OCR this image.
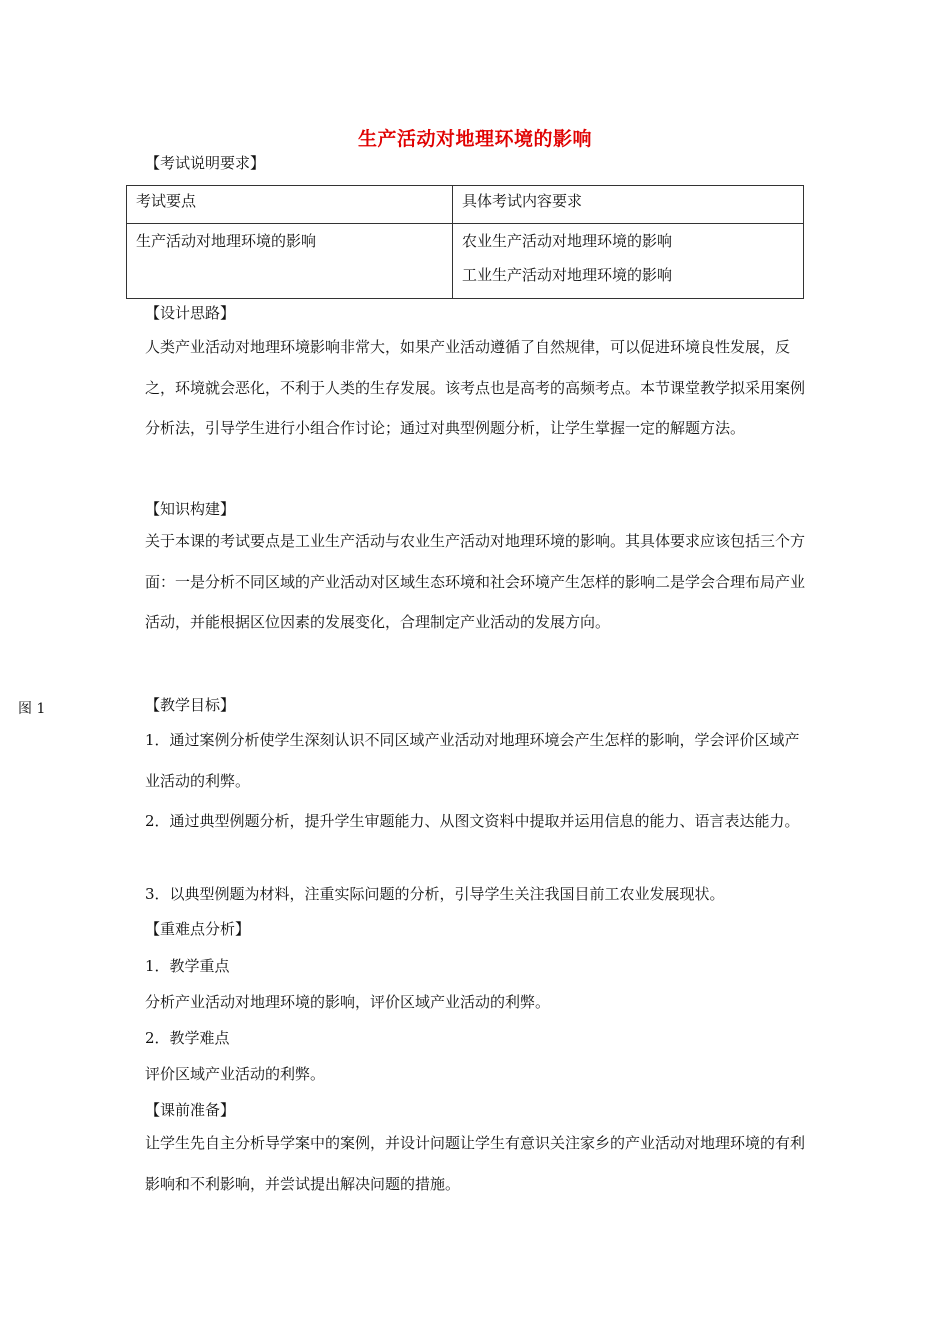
生产活动对地理环境的影响
【考试说明要求】
考试要点	具体考试内容要求

生产活动对地理环境的影响	农业生产活动对地理环境的影响
工业生产活动对地理环境的影响
【设计思路】
人类产业活动对地理环境影响非常大，如果产业活动遵循了自然规律，可以促进环境良性发展，反之，环境就会恶化，不利于人类的生存发展。该考点也是高考的高频考点。本节课堂教学拟采用案例分析法，引导学生进行小组合作讨论；通过对典型例题分析，让学生掌握一定的解题方法。
【知识构建】
关于本课的考试要点是工业生产活动与农业生产活动对地理环境的影响。其具体要求应该包括三个方面：一是分析不同区域的产业活动对区域生态环境和社会环境产生怎样的影响二是学会合理布局产业活动，并能根据区位因素的发展变化，合理制定产业活动的发展方向。
图 1	【教学目标】
1．通过案例分析使学生深刻认识不同区域产业活动对地理环境会产生怎样的影响，学会评价区域产业活动的利弊。
2．通过典型例题分析，提升学生审题能力、从图文资料中提取并运用信息的能力、语言表达能力。
3．以典型例题为材料，注重实际问题的分析，引导学生关注我国目前工农业发展现状。
【重难点分析】
1．教学重点
分析产业活动对地理环境的影响，评价区域产业活动的利弊。
2．教学难点
评价区域产业活动的利弊。
【课前准备】
让学生先自主分析导学案中的案例，并设计问题让学生有意识关注家乡的产业活动对地理环境的有利影响和不利影响，并尝试提出解决问题的措施。
